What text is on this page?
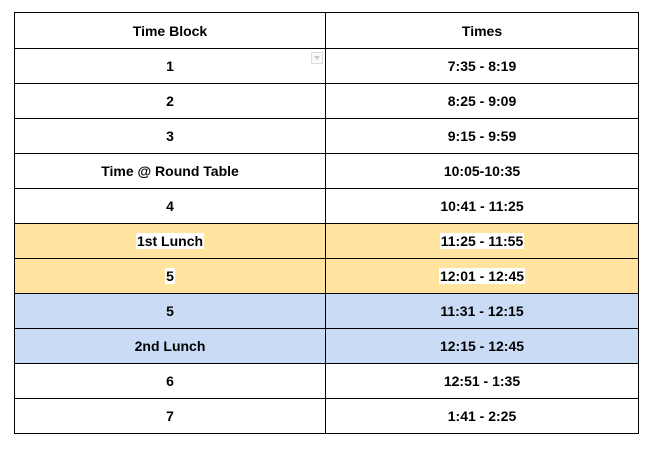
Time Block	Times
1	7:35 - 8:19
2	8:25 - 9:09
3	9:15 - 9:59
Time @ Round Table	10:05-10:35
4	10:41 - 11:25
1st Lunch	11:25 - 11:55
5	12:01 - 12:45
5	11:31 - 12:15
2nd Lunch	12:15 - 12:45
6	12:51 - 1:35
7	1:41 - 2:25
